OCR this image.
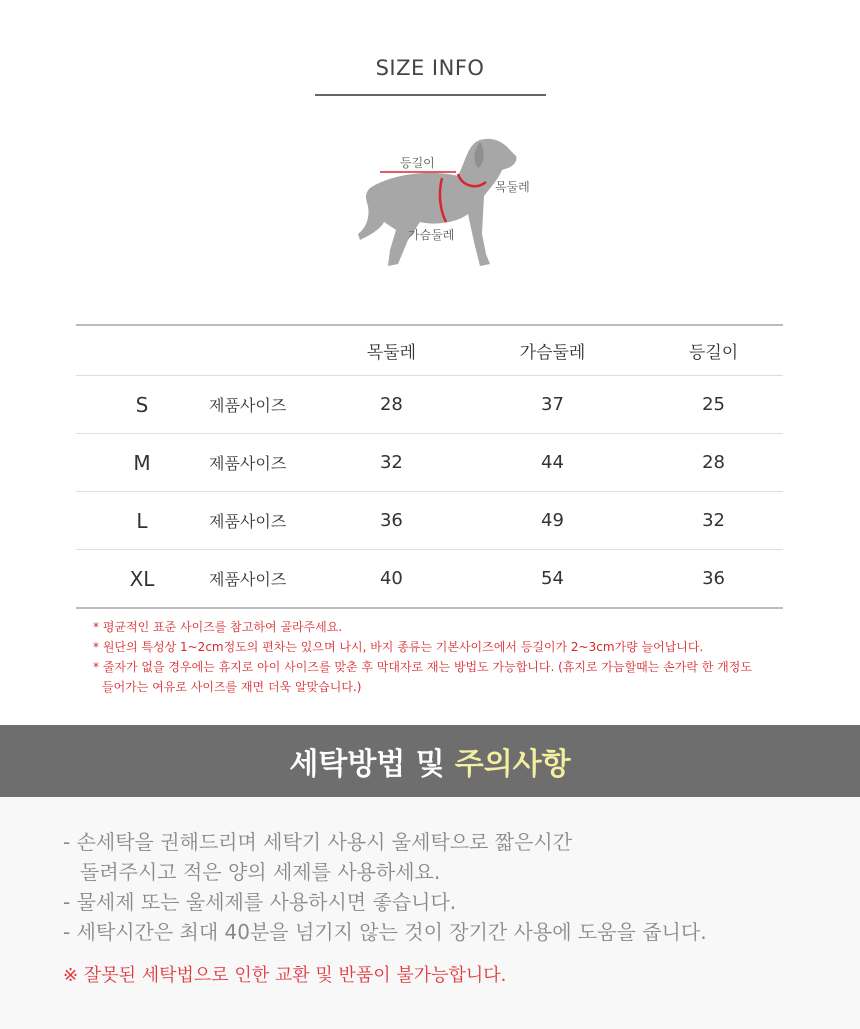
SIZE INFO
등길이
목둘레
가슴둘레
		목둘레	가슴둘레	등길이
S	제품사이즈	28	37	25
M	제품사이즈	32	44	28
L	제품사이즈	36	49	32
XL	제품사이즈	40	54	36

* 평균적인 표준 사이즈를 참고하여 골라주세요.

* 원단의 특성상 1~2cm정도의 편차는 있으며 나시, 바지 종류는 기본사이즈에서 등길이가 2~3cm가량 늘어납니다.

* 줄자가 없을 경우에는 휴지로 아이 사이즈를 맞춘 후 막대자로 재는 방법도 가능합니다. (휴지로 가늠할때는 손가락 한 개정도

들어가는 여유로 사이즈를 재면 더욱 알맞습니다.)

세탁방법 및 주의사항

- 손세탁을 권해드리며 세탁기 사용시 울세탁으로 짧은시간

돌려주시고 적은 양의 세제를 사용하세요.

- 물세제 또는 울세제를 사용하시면 좋습니다.

- 세탁시간은 최대 40분을 넘기지 않는 것이 장기간 사용에 도움을 줍니다.

※ 잘못된 세탁법으로 인한 교환 및 반품이 불가능합니다.
